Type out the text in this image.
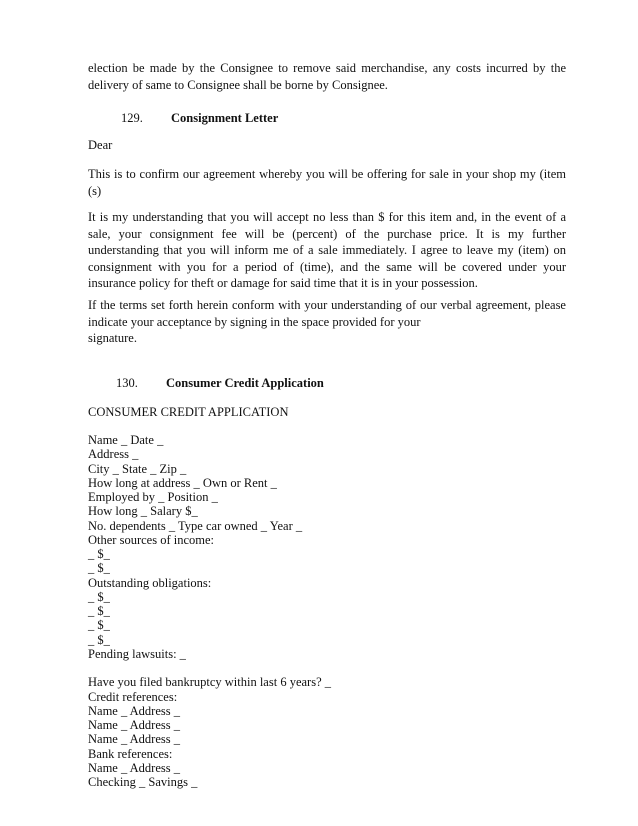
election be made by the Consignee to remove said merchandise, any costs incurred by the delivery of same to Consignee shall be borne by Consignee.

129. Consignment Letter

Dear

This is to confirm our agreement whereby you will be offering for sale in your shop my (item (s)

It is my understanding that you will accept no less than $ for this item and, in the event of a sale, your consignment fee will be (percent) of the purchase price. It is my further understanding that you will inform me of a sale immediately. I agree to leave my (item) on consignment with you for a period of (time), and the same will be covered under your insurance policy for theft or damage for said time that it is in your possession.

If the terms set forth herein conform with your understanding of our verbal agreement, please indicate your acceptance by signing in the space provided for your
signature.

130. Consumer Credit Application
CONSUMER CREDIT APPLICATION
Name _ Date _
Address _
City _ State _ Zip _
How long at address _ Own or Rent _
Employed by _ Position _
How long _ Salary $_
No. dependents _ Type car owned _ Year _
Other sources of income:
_ $_
_ $_
Outstanding obligations:
_ $_
_ $_
_ $_
_ $_
Pending lawsuits: _
Have you filed bankruptcy within last 6 years? _
Credit references:
Name _ Address _
Name _ Address _
Name _ Address _
Bank references:
Name _ Address _
Checking _ Savings _
